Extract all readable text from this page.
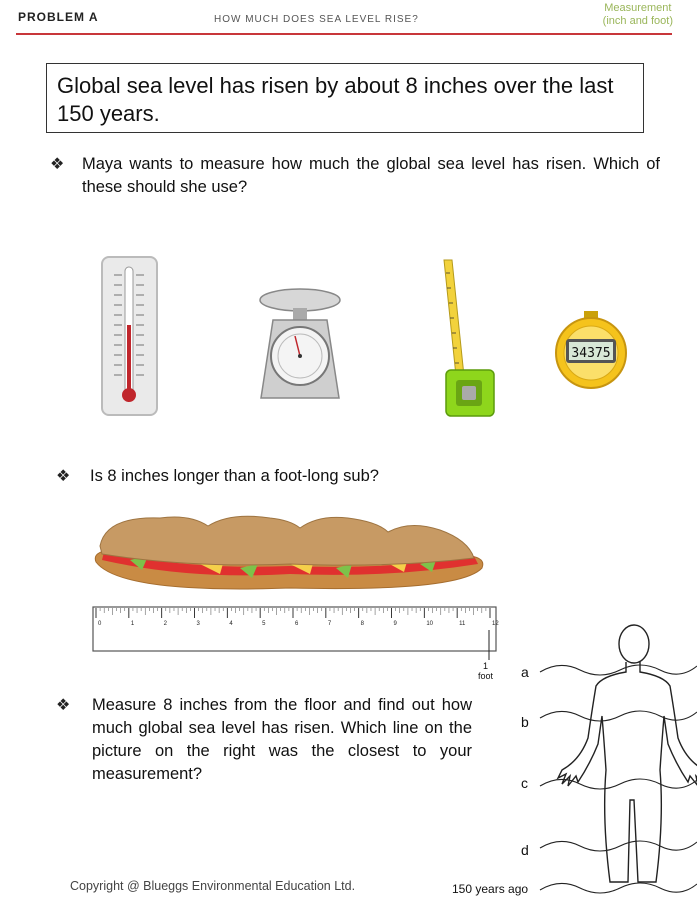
PROBLEM A	HOW MUCH DOES SEA LEVEL RISE?
Measurement
(inch and foot)
Global sea level has risen by about 8 inches over the last 150 years.
❖ Maya wants to measure how much the global sea level has risen. Which of these should she use?
34375
❖ Is 8 inches longer than a foot-long sub?
0	1	2	3	4	5	6	7	8	9	10	11	12
1
foot
❖ Measure 8 inches from the floor and find out how much global sea level has risen. Which line on the picture on the right was the closest to your measurement?
a
b
c
d
150 years ago
Copyright @ Blueggs Environmental Education Ltd.
